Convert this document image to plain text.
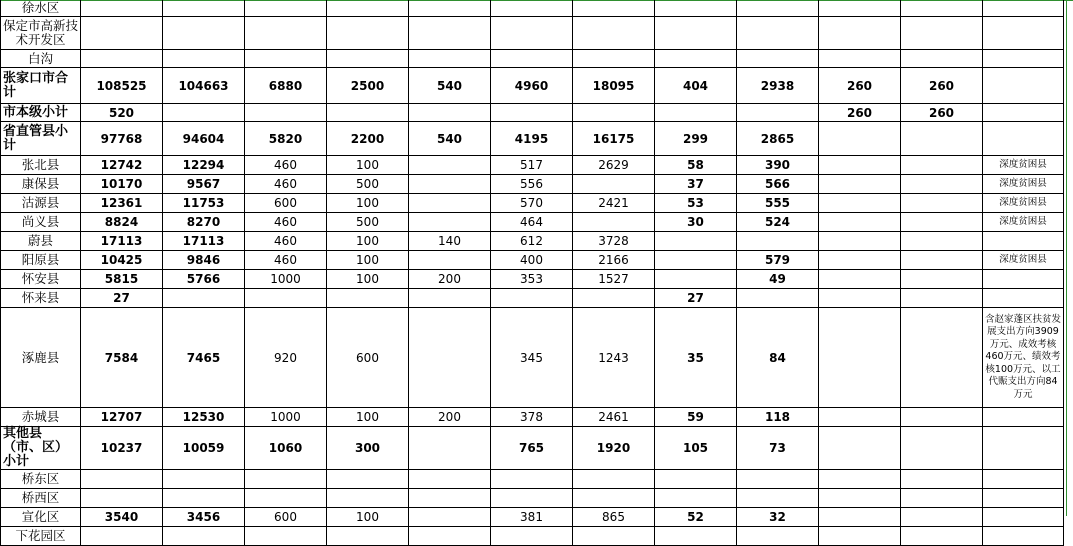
徐水区												
保定市高新技术开发区												
白沟												
张家口市合计	108525	104663	6880	2500	540	4960	18095	404	2938	260	260	
市本级小计	520									260	260	
省直管县小计	97768	94604	5820	2200	540	4195	16175	299	2865			
张北县	12742	12294	460	100		517	2629	58	390			深度贫困县
康保县	10170	9567	460	500		556		37	566			深度贫困县
沽源县	12361	11753	600	100		570	2421	53	555			深度贫困县
尚义县	8824	8270	460	500		464		30	524			深度贫困县
蔚县	17113	17113	460	100	140	612	3728					
阳原县	10425	9846	460	100		400	2166		579			深度贫困县
怀安县	5815	5766	1000	100	200	353	1527		49			
怀来县	27							27				
涿鹿县	7584	7465	920	600		345	1243	35	84			含赵家蓬区扶贫发展支出方向3909万元、成效考核460万元、绩效考核100万元、以工代赈支出方向84万元
赤城县	12707	12530	1000	100	200	378	2461	59	118			
其他县（市、区）小计	10237	10059	1060	300		765	1920	105	73			
桥东区												
桥西区												
宣化区	3540	3456	600	100		381	865	52	32			
下花园区												
